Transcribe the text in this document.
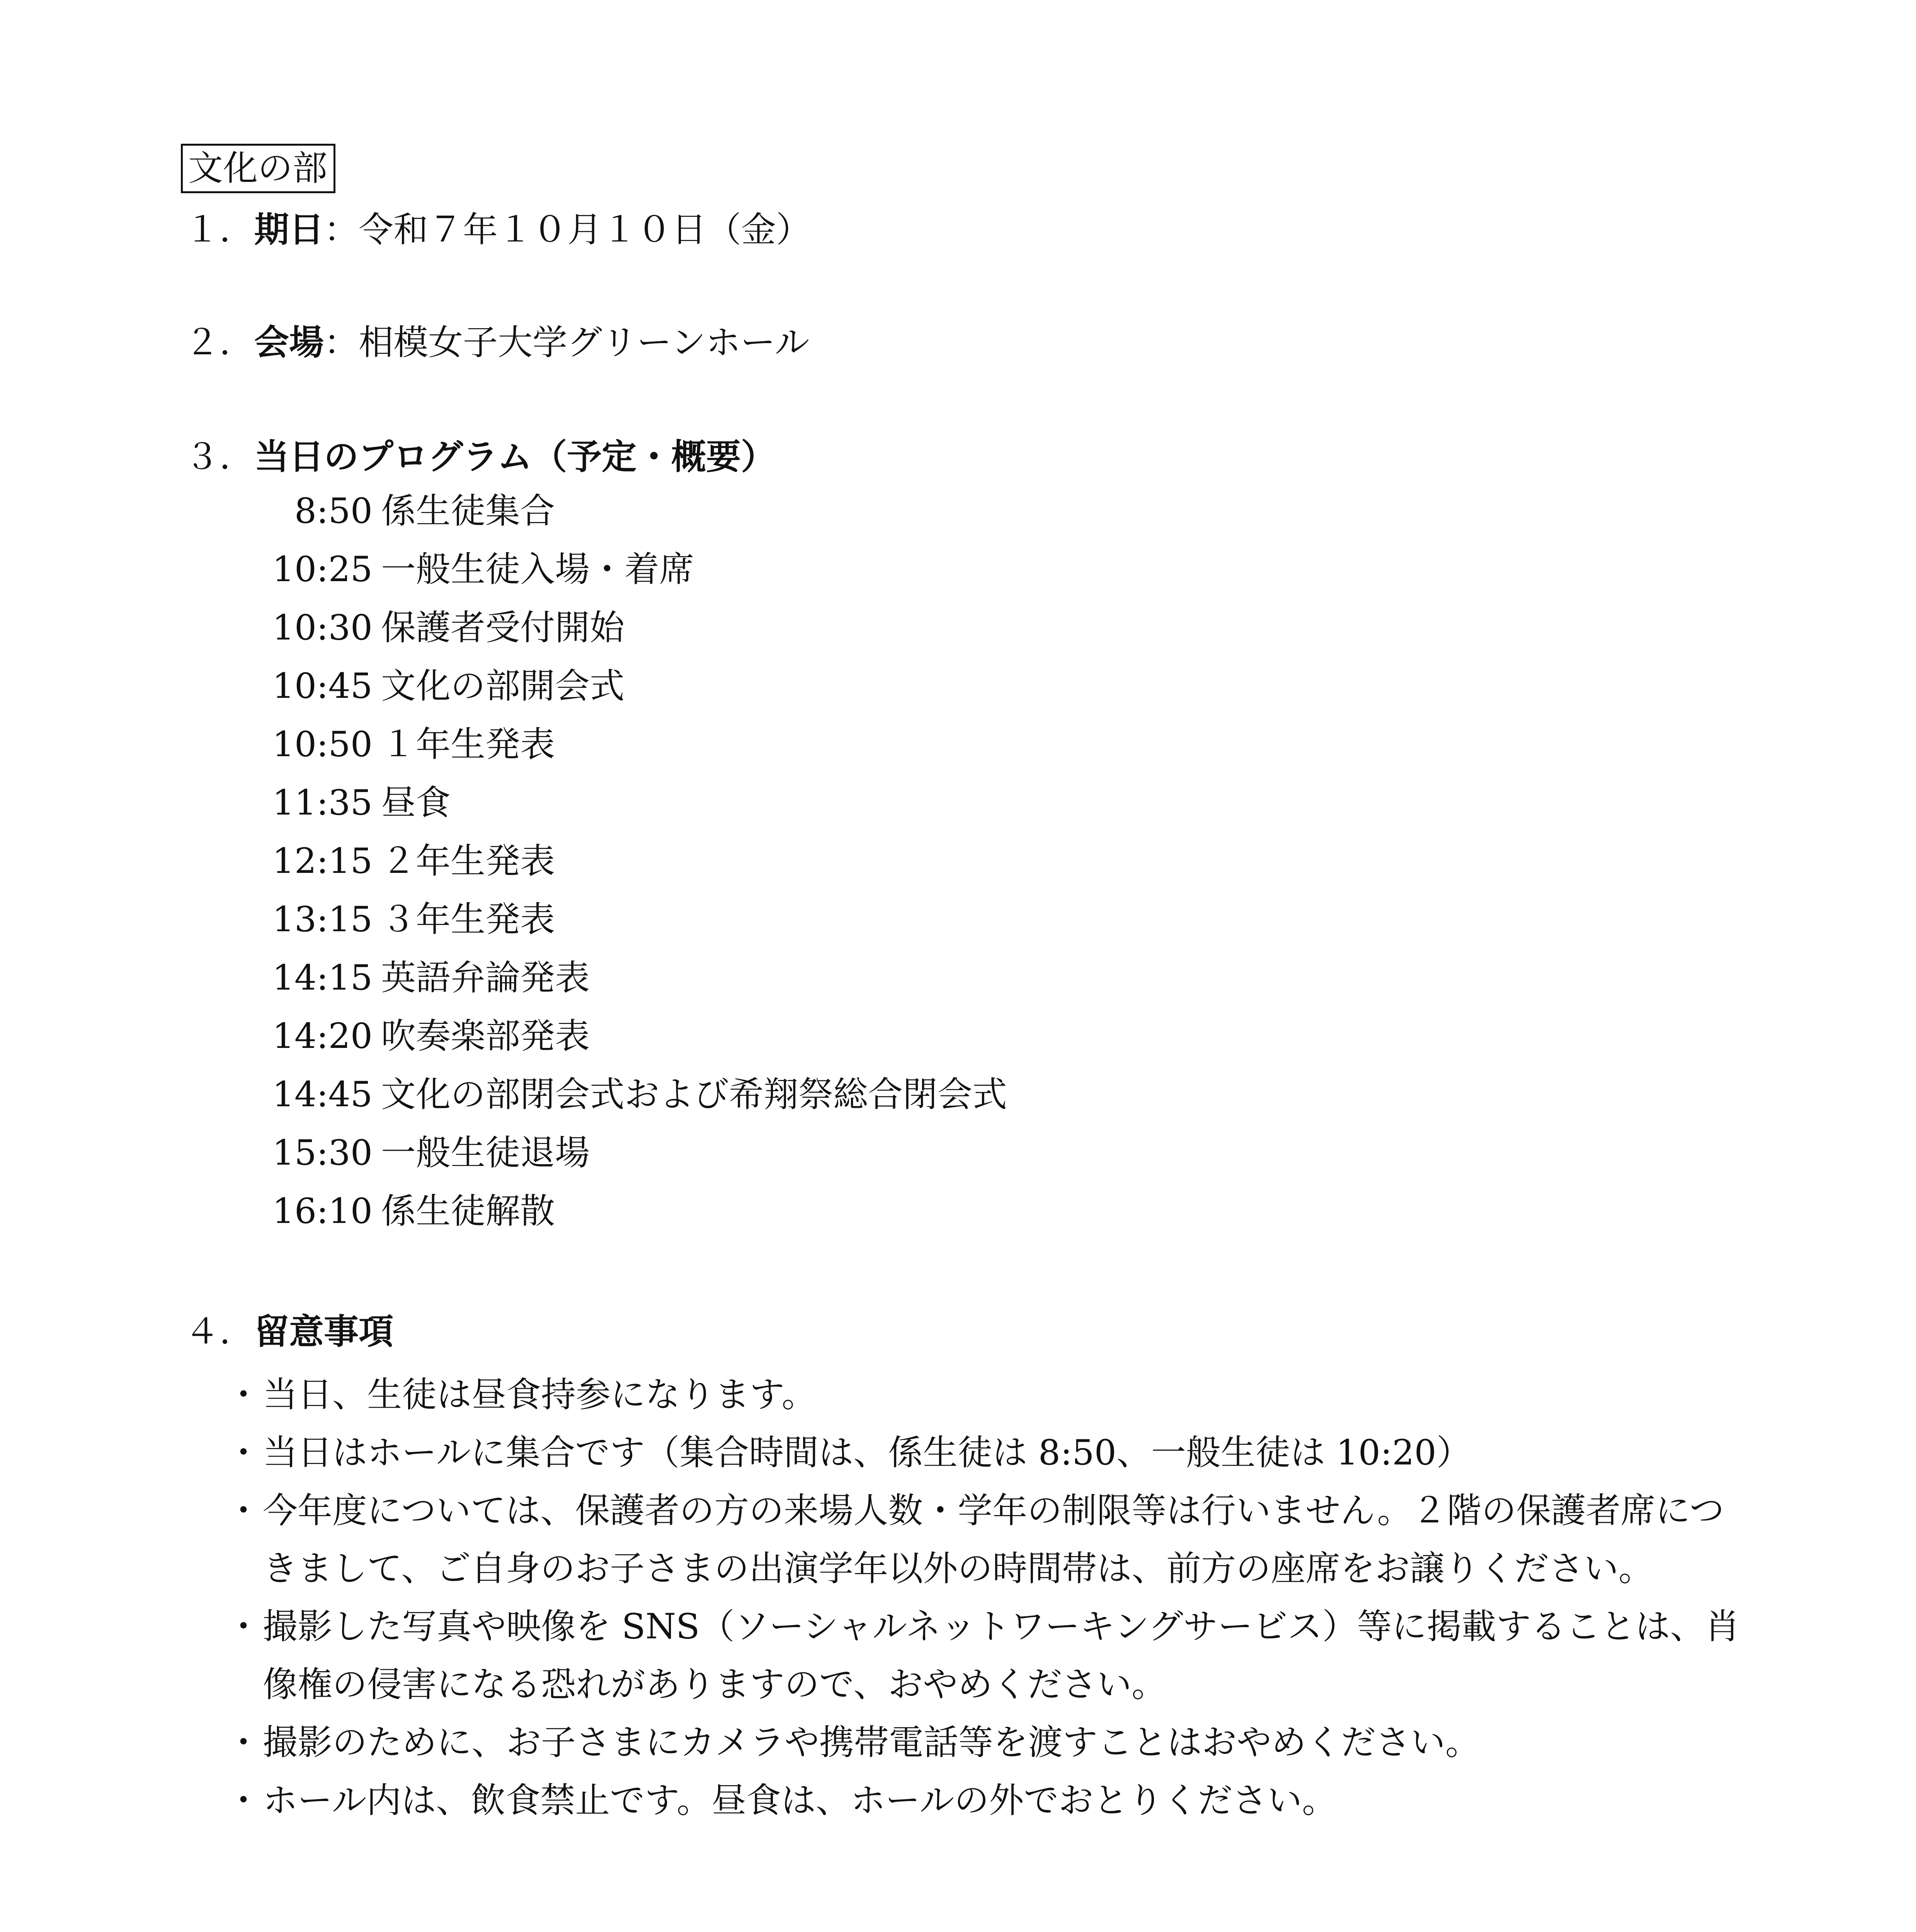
文化の部
１．期日：令和７年１０月１０日（金）
２．会場：相模女子大学グリーンホール
３．当日のプログラム（予定・概要）
8:50 係生徒集合
10:25 一般生徒入場・着席
10:30 保護者受付開始
10:45 文化の部開会式
10:50 １年生発表
11:35 昼食
12:15 ２年生発表
13:15 ３年生発表
14:15 英語弁論発表
14:20 吹奏楽部発表
14:45 文化の部閉会式および希翔祭総合閉会式
15:30 一般生徒退場
16:10 係生徒解散
４．留意事項
・ 当日、生徒は昼食持参になります。
・ 当日はホールに集合です（集合時間は、係生徒は 8:50、一般生徒は 10:20）
・ 今年度については、保護者の方の来場人数・学年の制限等は行いません。２階の保護者席につきまして、ご自身のお子さまの出演学年以外の時間帯は、前方の座席をお譲りください。
・ 撮影した写真や映像を SNS（ソーシャルネットワーキングサービス）等に掲載することは、肖像権の侵害になる恐れがありますので、おやめください。
・ 撮影のために、お子さまにカメラや携帯電話等を渡すことはおやめください。
・ ホール内は、飲食禁止です。昼食は、ホールの外でおとりください。
